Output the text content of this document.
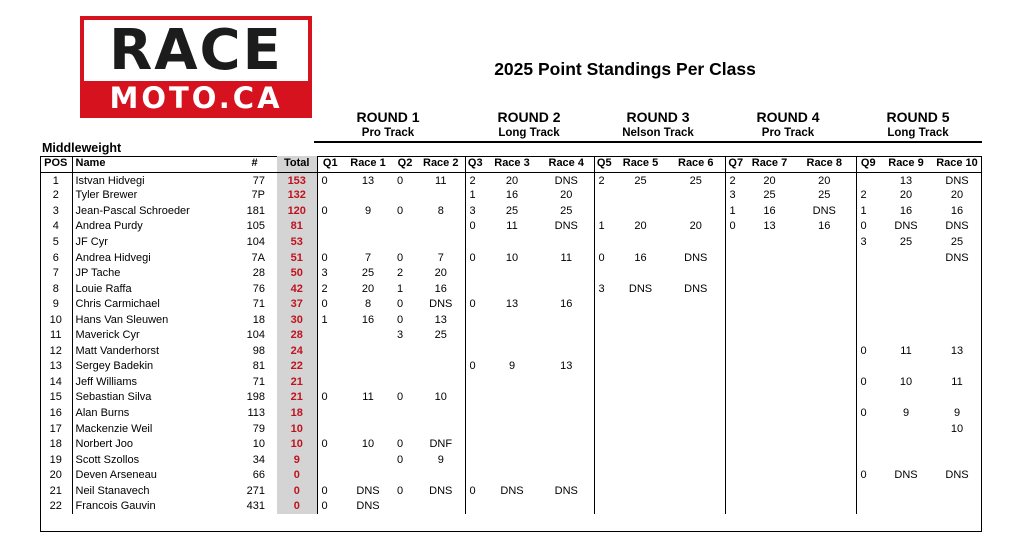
RACE
MOTO.CA
2025 Point Standings Per Class
ROUND 1
Pro Track
ROUND 2
Long Track
ROUND 3
Nelson Track
ROUND 4
Pro Track
ROUND 5
Long Track
Middleweight
POS	Name	#	Total	Q1	Race 1	Q2	Race 2	Q3	Race 3	Race 4	Q5	Race 5	Race 6	Q7	Race 7	Race 8	Q9	Race 9	Race 10
1	Istvan Hidvegi	77	153	0	13	0	11	2	20	DNS	2	25	25	2	20	20		13	DNS
2	Tyler Brewer	7P	132					1	16	20				3	25	25	2	20	20
3	Jean-Pascal Schroeder	181	120	0	9	0	8	3	25	25				1	16	DNS	1	16	16
4	Andrea Purdy	105	81					0	11	DNS	1	20	20	0	13	16	0	DNS	DNS
5	JF Cyr	104	53														3	25	25
6	Andrea Hidvegi	7A	51	0	7	0	7	0	10	11	0	16	DNS						DNS
7	JP Tache	28	50	3	25	2	20												
8	Louie Raffa	76	42	2	20	1	16				3	DNS	DNS						
9	Chris Carmichael	71	37	0	8	0	DNS	0	13	16									
10	Hans Van Sleuwen	18	30	1	16	0	13												
11	Maverick Cyr	104	28			3	25												
12	Matt Vanderhorst	98	24														0	11	13
13	Sergey Badekin	81	22					0	9	13									
14	Jeff Williams	71	21														0	10	11
15	Sebastian Silva	198	21	0	11	0	10												
16	Alan Burns	113	18														0	9	9
17	Mackenzie Weil	79	10																10
18	Norbert Joo	10	10	0	10	0	DNF												
19	Scott Szollos	34	9			0	9												
20	Deven Arseneau	66	0														0	DNS	DNS
21	Neil Stanavech	271	0	0	DNS	0	DNS	0	DNS	DNS									
22	Francois Gauvin	431	0	0	DNS														
